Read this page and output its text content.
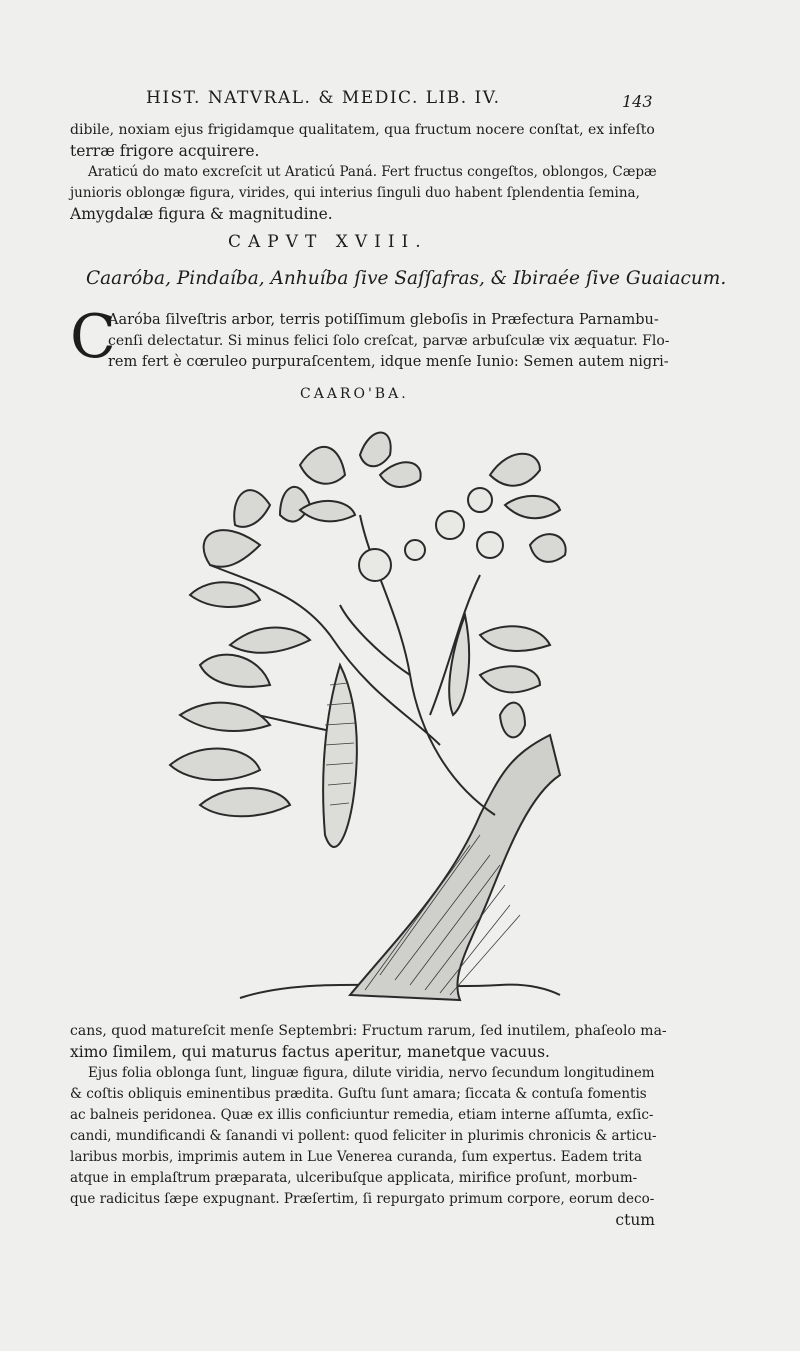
HIST. NATVRAL. & MEDIC. LIB. IV.	143

dibile, noxiam ejus frigidamque qualitatem, qua fructum nocere conſtat, ex infeſto
terræ frigore acquirere.
Araticú do mato excreſcit ut Araticú Paná. Fert fructus congeſtos, oblongos, Cæpæ
junioris oblongæ figura, virides, qui interius ſinguli duo habent ſplendentia ſemina,
Amygdalæ figura & magnitudine.
CAPVT XVIII.
Caaróba, Pindaíba, Anhuíba ſive Saſſafras, & Ibiraée ſive Guaiacum.
C
Aaróba ſilveſtris arbor, terris potiſſimum gleboſis in Præfectura Parnambu-
cenſi delectatur. Si minus felici ſolo creſcat, parvæ arbuſculæ vix æquatur. Flo-
rem fert è cœruleo purpuraſcentem, idque menſe Iunio: Semen autem nigri-
CAARO'BA.
cans, quod matureſcit menſe Septembri: Fructum rarum, ſed inutilem, phaſeolo ma-
ximo ſimilem, qui maturus factus aperitur, manetque vacuus.
Ejus folia oblonga ſunt, linguæ figura, dilute viridia, nervo ſecundum longitudinem
& coſtis obliquis eminentibus prædita. Guſtu ſunt amara; ſiccata & contuſa fomentis
ac balneis peridonea. Quæ ex illis conficiuntur remedia, etiam interne aſſumta, exſic-
candi, mundificandi & ſanandi vi pollent: quod feliciter in plurimis chronicis & articu-
laribus morbis, imprimis autem in Lue Venerea curanda, ſum expertus. Eadem trita
atque in emplaſtrum præparata, ulceribuſque applicata, mirifice proſunt, morbum-
que radicitus ſæpe expugnant. Præſertim, ſi repurgato primum corpore, eorum deco-
ctum
